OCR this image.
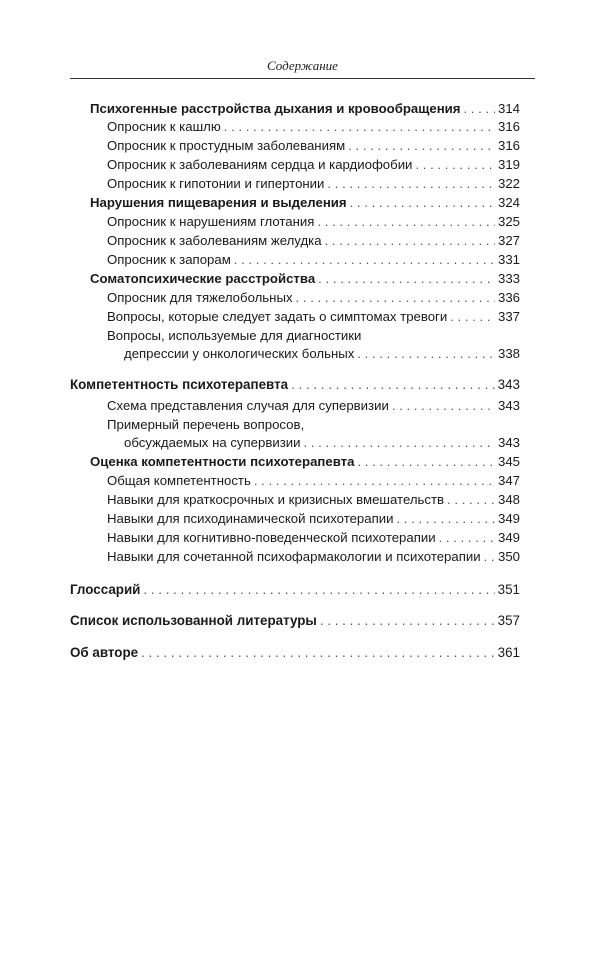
Содержание
Психогенные расстройства дыхания и кровообращения . . .	314
Опросник к кашлю . . .	316
Опросник к простудным заболеваниям . . .	316
Опросник к заболеваниям сердца и кардиофобии . . .	319
Опросник к гипотонии и гипертонии . . .	322
Нарушения пищеварения и выделения . . .	324
Опросник к нарушениям глотания . . .	325
Опросник к заболеваниям желудка . . .	327
Опросник к запорам . . .	331
Соматопсихические расстройства . . .	333
Опросник для тяжелобольных . . .	336
Вопросы, которые следует задать о симптомах тревоги . . .	337
Вопросы, используемые для диагностики
депрессии у онкологических больных . . .	338
Компетентность психотерапевта . . .	343
Схема представления случая для супервизии . . .	343
Примерный перечень вопросов,
обсуждаемых на супервизии . . .	343
Оценка компетентности психотерапевта . . .	345
Общая компетентность . . .	347
Навыки для краткосрочных и кризисных вмешательств . . .	348
Навыки для психодинамической психотерапии . . .	349
Навыки для когнитивно-поведенческой психотерапии . . .	349
Навыки для сочетанной психофармакологии и психотерапии . . . 350
Глоссарий . . .	351
Список использованной литературы . . .	357
Об авторе . . .	361
